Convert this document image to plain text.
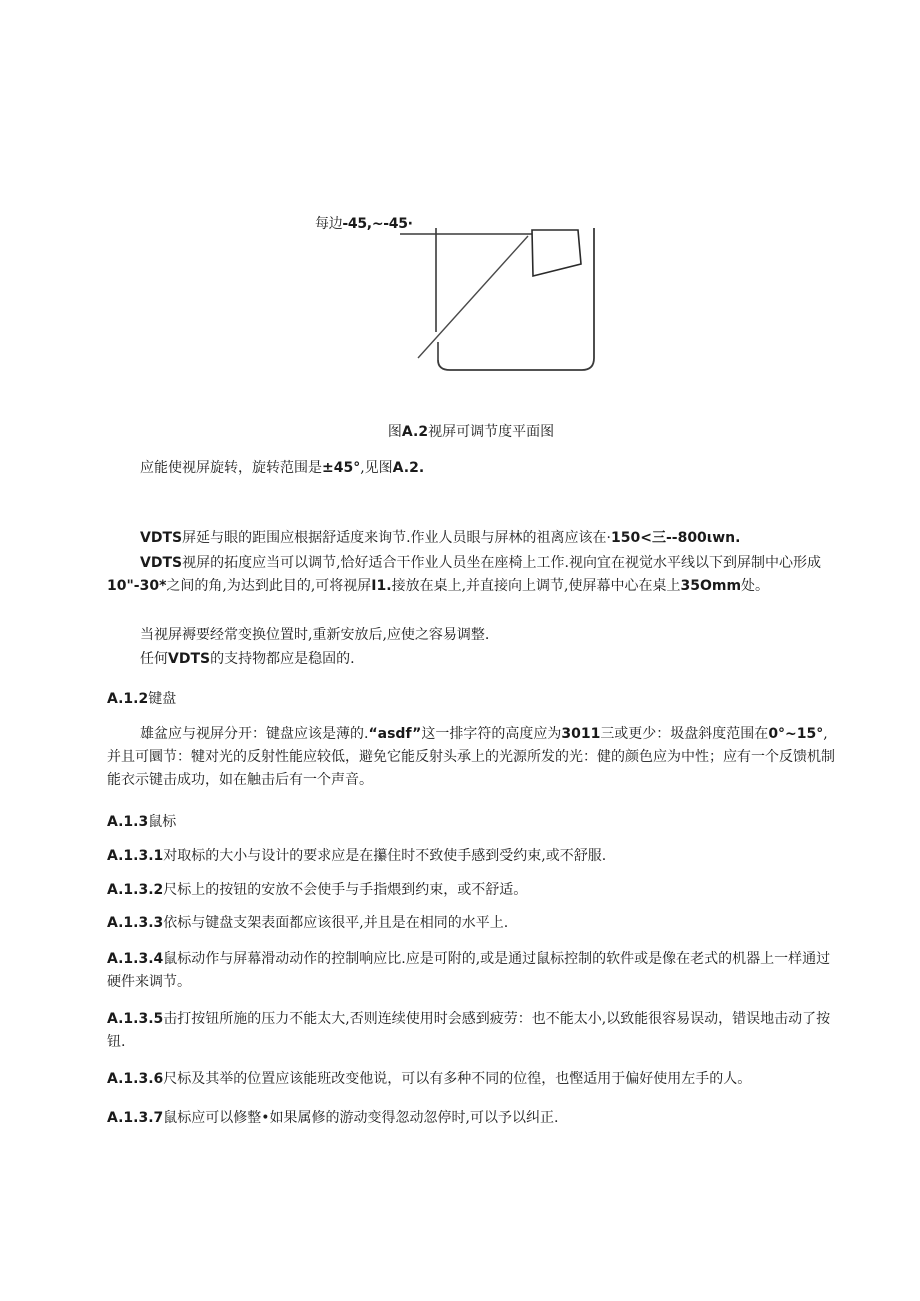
每边-45,~-45·
图A.2视屏可调节度平面图

应能使视屏旋转，旋转范围是±45°,见图A.2.

VDTS屏延与眼的距围应根据舒适度来询节.作业人员眼与屏林的祖离应该在·150<三--800ιwn.

VDTS视屏的拓度应当可以调节,恰好适合干作业人员坐在座椅上工作.视向宜在视觉水平线以下到屏制中心形成10"-30*之间的角,为达到此目的,可将视屏I1.接放在桌上,并直接向上调节,使屏幕中心在桌上35Omm处。

当视屏褥要经常变换位置时,重新安放后,应使之容易调整.

任何VDTS的支持物都应是稳固的.

A.1.2键盘

雄盆应与视屏分开：键盘应该是薄的.“asdf”这一排字符的高度应为3011三或更少：圾盘斜度范围在0°~15°,并且可圜节：犍对光的反射性能应较低，避免它能反射头承上的光源所发的光：健的颜色应为中性；应有一个反馈机制能衣示键击成功，如在触击后有一个声音。

A.1.3鼠标
A.1.3.1对取标的大小与设计的要求应是在攥住时不致使手感到受约束,或不舒服.
A.1.3.2尺标上的按钮的安放不会使手与手指煨到约束，或不舒适。
A.1.3.3依标与键盘支架表面都应该很平,并且是在相同的水平上.
A.1.3.4鼠标动作与屏幕滑动动作的控制响应比.应是可附的,或是通过鼠标控制的软件或是像在老式的机器上一样通过硬件来调节。
A.1.3.5击打按钮所施的压力不能太大,否则连续使用时会感到疲劳：也不能太小,以致能很容易误动，错误地击动了按钮.
A.1.3.6尺标及其举的位置应该能班改变他说，可以有多种不同的位徨，也慳适用于偏好使用左手的人。
A.1.3.7鼠标应可以修整•如果属修的游动变得忽动忽停时,可以予以纠正.
